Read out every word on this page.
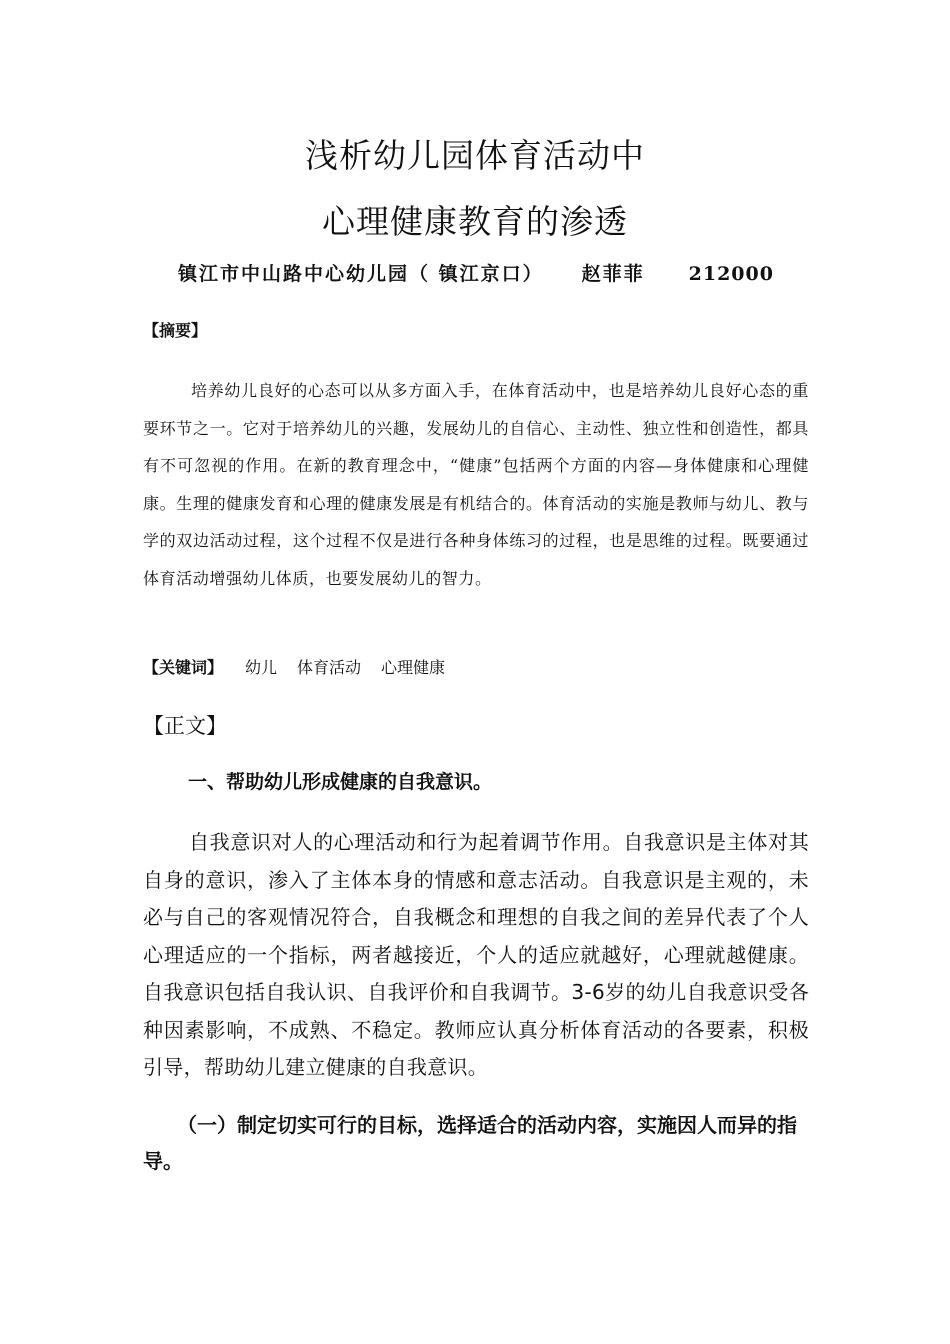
浅析幼儿园体育活动中
心理健康教育的渗透
镇江市中山路中心幼儿园（ 镇江京口） 赵菲菲 212000
【摘要】

培养幼儿良好的心态可以从多方面入手，在体育活动中，也是培养幼儿良好心态的重要环节之一。它对于培养幼儿的兴趣，发展幼儿的自信心、主动性、独立性和创造性，都具有不可忽视的作用。在新的教育理念中，“健康”包括两个方面的内容—身体健康和心理健康。生理的健康发育和心理的健康发展是有机结合的。体育活动的实施是教师与幼儿、教与学的双边活动过程，这个过程不仅是进行各种身体练习的过程，也是思维的过程。既要通过体育活动增强幼儿体质，也要发展幼儿的智力。

【关键词】 幼儿 体育活动 心理健康
【正文】
一、帮助幼儿形成健康的自我意识。

自我意识对人的心理活动和行为起着调节作用。自我意识是主体对其自身的意识，渗入了主体本身的情感和意志活动。自我意识是主观的，未必与自己的客观情况符合，自我概念和理想的自我之间的差异代表了个人心理适应的一个指标，两者越接近，个人的适应就越好，心理就越健康。自我意识包括自我认识、自我评价和自我调节。3-6岁的幼儿自我意识受各种因素影响，不成熟、不稳定。教师应认真分析体育活动的各要素，积极引导，帮助幼儿建立健康的自我意识。

（一）制定切实可行的目标，选择适合的活动内容，实施因人而异的指导。
